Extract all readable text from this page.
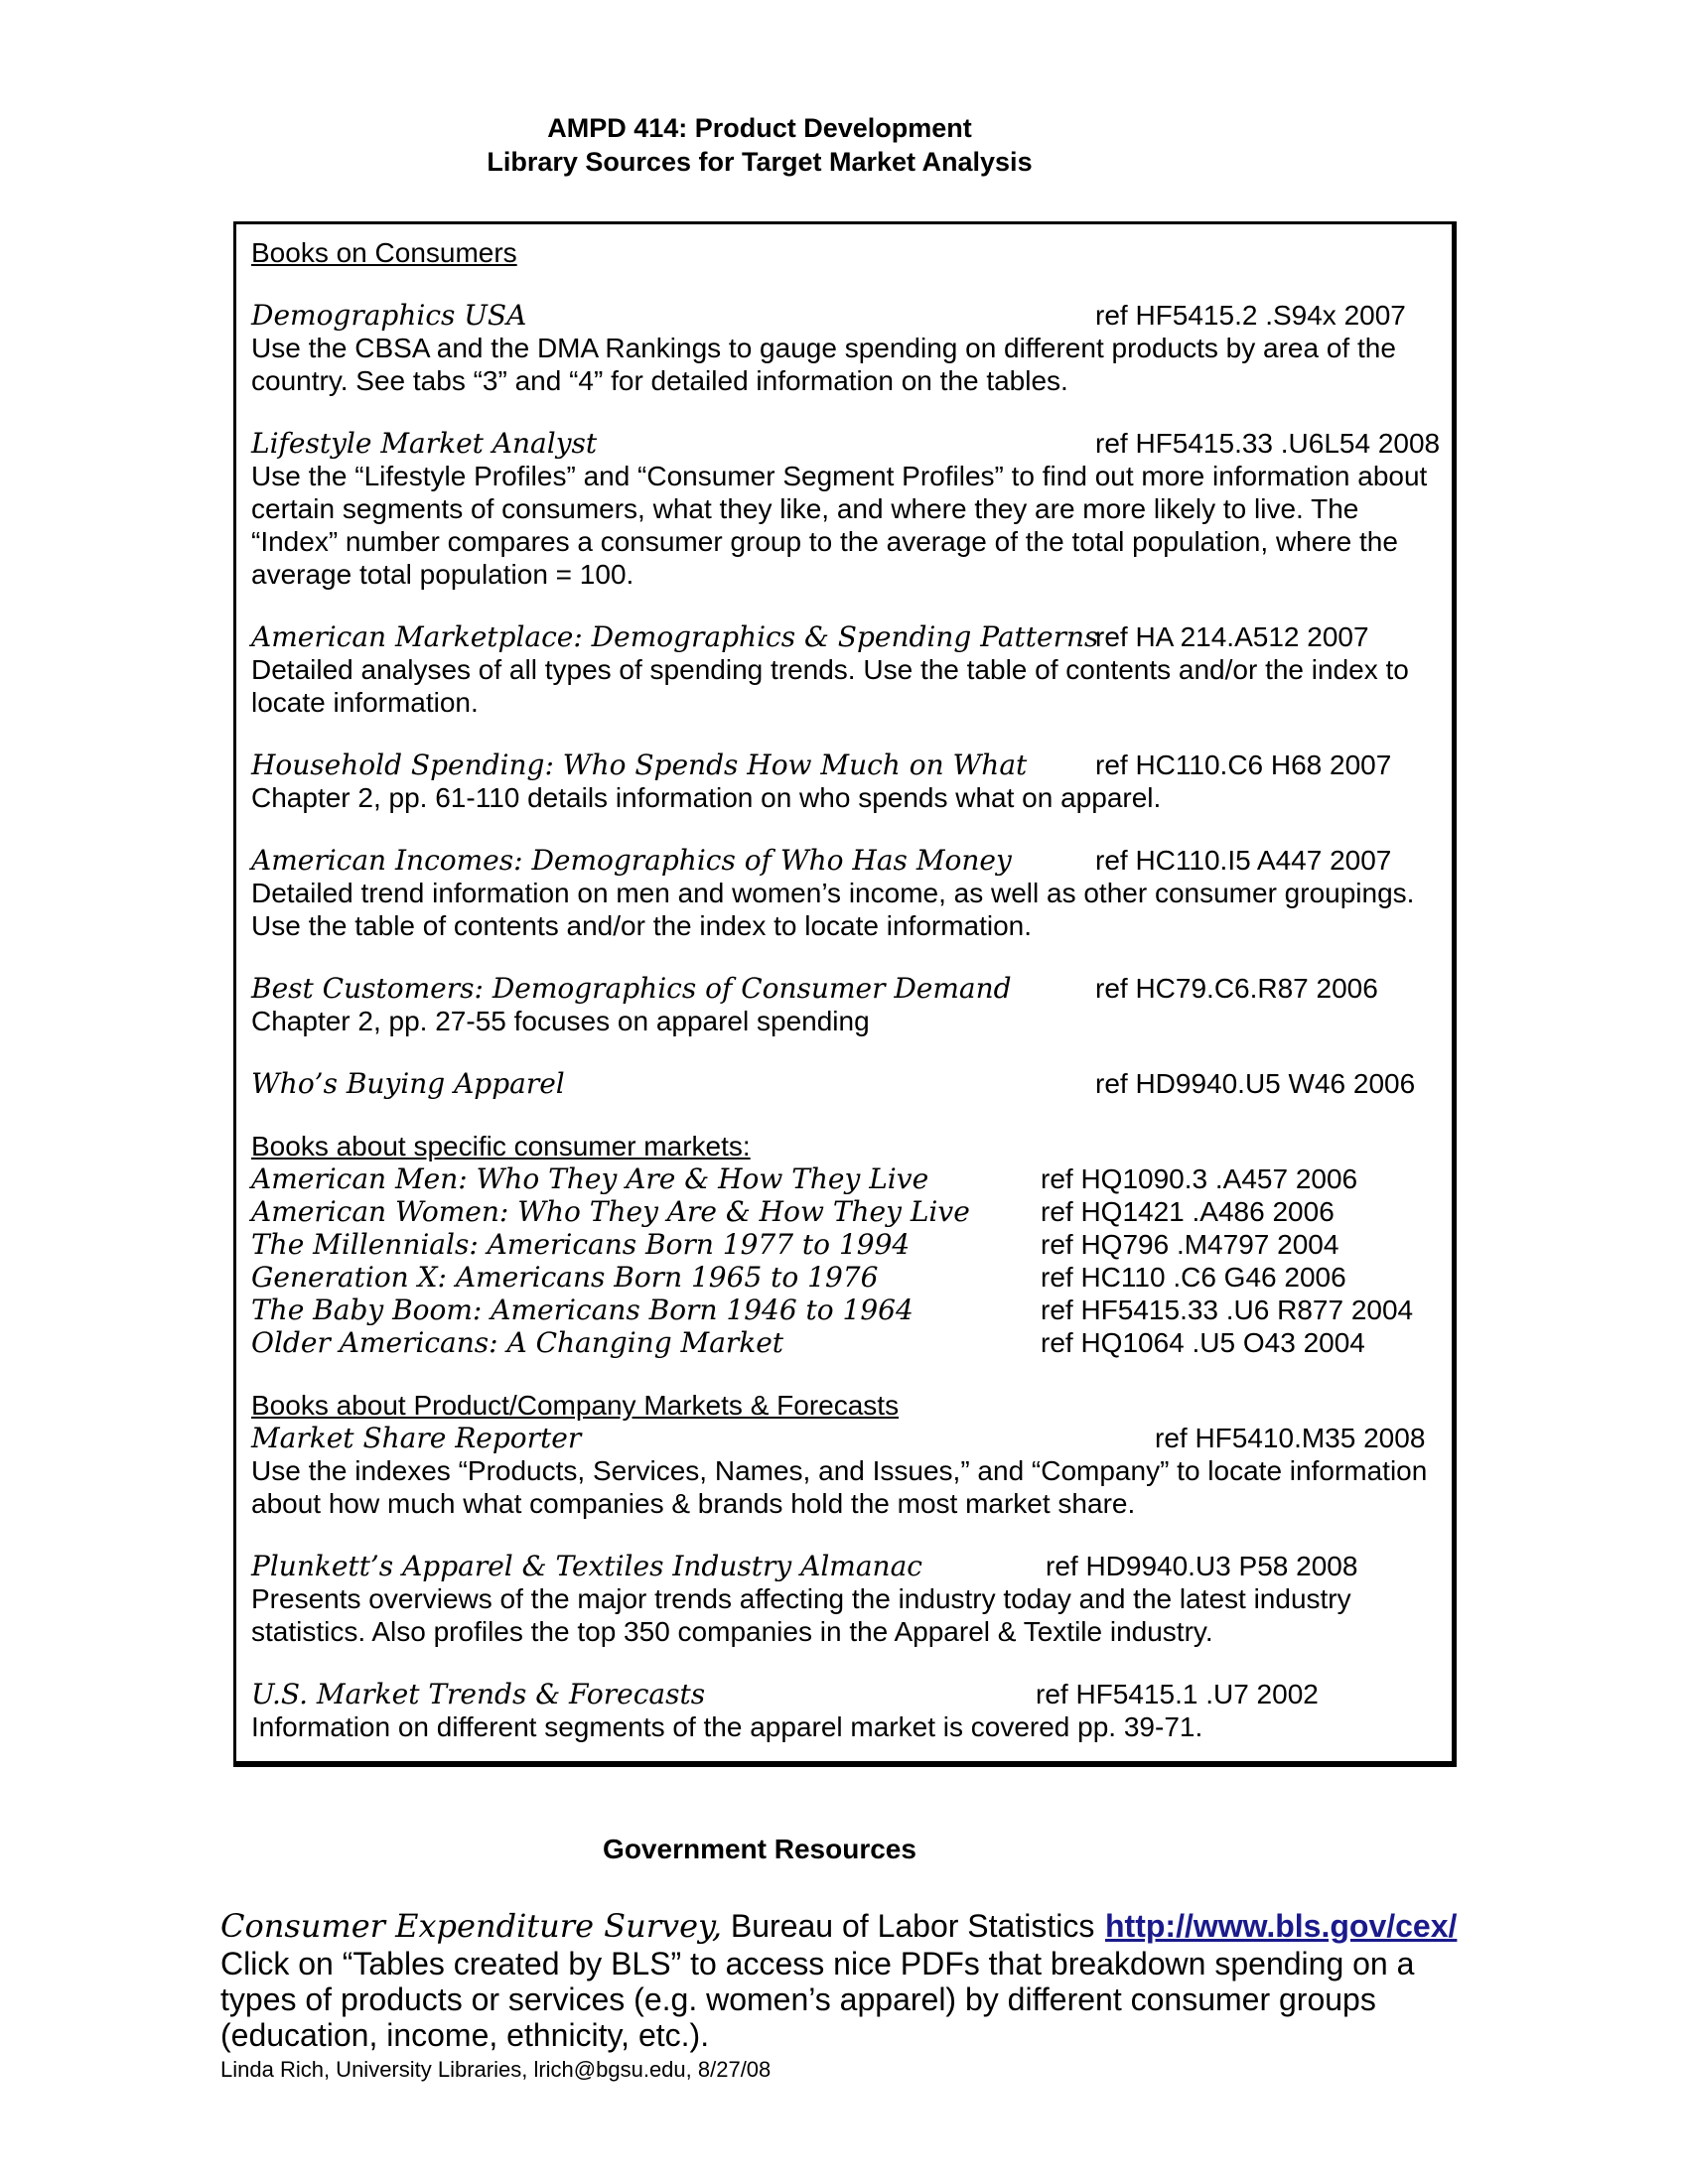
AMPD 414: Product Development
Library Sources for Target Market Analysis
Books on Consumers
Demographics USA	ref HF5415.2 .S94x 2007
Use the CBSA and the DMA Rankings to gauge spending on different products by area of the country. See tabs “3” and “4” for detailed information on the tables.
Lifestyle Market Analyst	ref HF5415.33 .U6L54 2008
Use the “Lifestyle Profiles” and “Consumer Segment Profiles” to find out more information about certain segments of consumers, what they like, and where they are more likely to live. The “Index” number compares a consumer group to the average of the total population, where the average total population = 100.
American Marketplace: Demographics & Spending Patterns
ref HA 214.A512 2007
Detailed analyses of all types of spending trends. Use the table of contents and/or the index to locate information.
Household Spending: Who Spends How Much on What ref HC110.C6 H68 2007
Chapter 2, pp. 61-110 details information on who spends what on apparel.
American Incomes: Demographics of Who Has Money	ref HC110.I5 A447 2007
Detailed trend information on men and women’s income, as well as other consumer groupings. Use the table of contents and/or the index to locate information.
Best Customers: Demographics of Consumer Demand	ref HC79.C6.R87 2006
Chapter 2, pp. 27-55 focuses on apparel spending
Who’s Buying Apparel	ref HD9940.U5 W46 2006
Books about specific consumer markets:
American Men: Who They Are & How They Live	ref HQ1090.3 .A457 2006
American Women: Who They Are & How They Live	ref HQ1421 .A486 2006
The Millennials: Americans Born 1977 to 1994	ref HQ796 .M4797 2004
Generation X: Americans Born 1965 to 1976	ref HC110 .C6 G46 2006
The Baby Boom: Americans Born 1946 to 1964	ref HF5415.33 .U6 R877 2004
Older Americans: A Changing Market	ref HQ1064 .U5 O43 2004
Books about Product/Company Markets & Forecasts
Market Share Reporter	ref HF5410.M35 2008
Use the indexes “Products, Services, Names, and Issues,” and “Company” to locate information about how much what companies & brands hold the most market share.
Plunkett’s Apparel & Textiles Industry Almanac	ref HD9940.U3 P58 2008
Presents overviews of the major trends affecting the industry today and the latest industry statistics. Also profiles the top 350 companies in the Apparel & Textile industry.
U.S. Market Trends & Forecasts	ref HF5415.1 .U7 2002
Information on different segments of the apparel market is covered pp. 39-71.
Government Resources
Consumer Expenditure Survey, Bureau of Labor Statistics http://www.bls.gov/cex/
Click on “Tables created by BLS” to access nice PDFs that breakdown spending on a types of products or services (e.g. women’s apparel) by different consumer groups (education, income, ethnicity, etc.).
Linda Rich, University Libraries, lrich@bgsu.edu, 8/27/08
